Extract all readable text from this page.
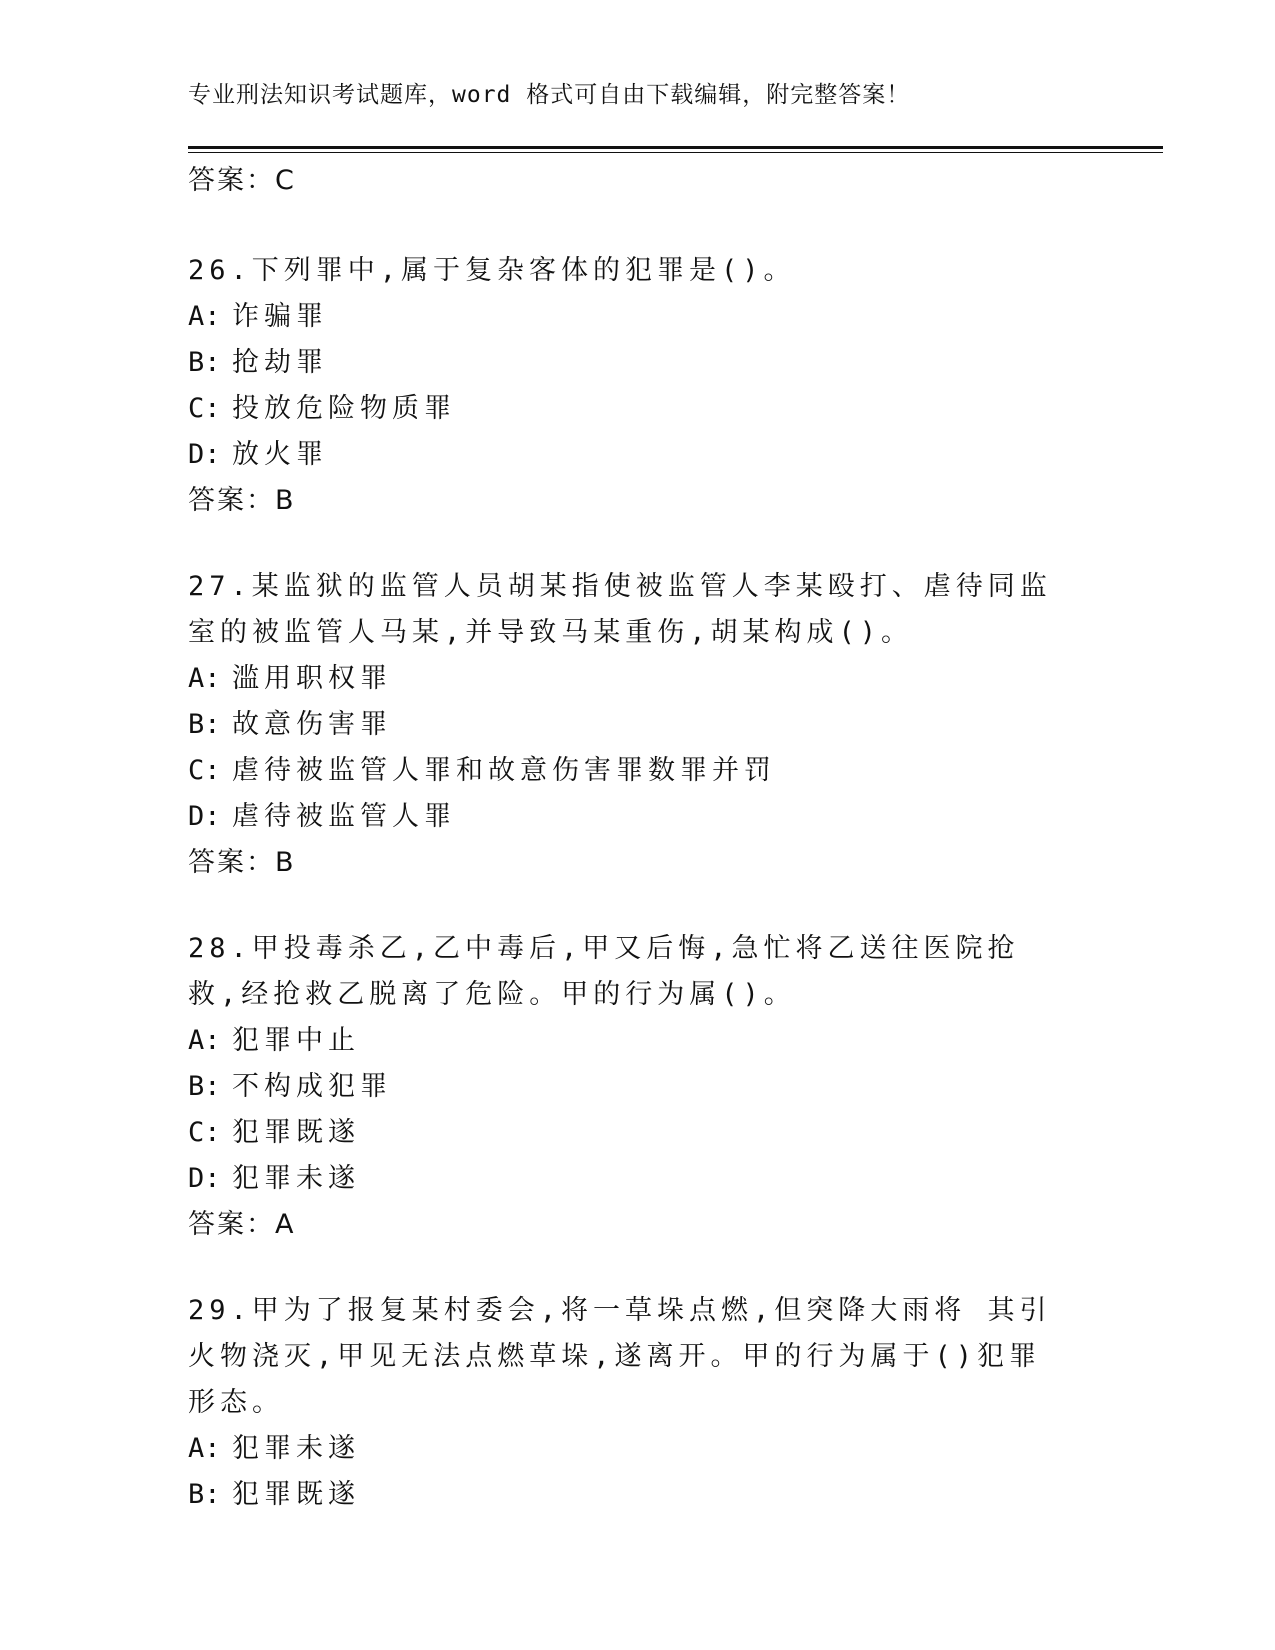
专业刑法知识考试题库，word 格式可自由下载编辑，附完整答案！
答案：C
26.下列罪中,属于复杂客体的犯罪是()。
A: 诈骗罪
B: 抢劫罪
C: 投放危险物质罪
D: 放火罪
答案：B
27.某监狱的监管人员胡某指使被监管人李某殴打、虐待同监室的被监管人马某,并导致马某重伤,胡某构成()。
A: 滥用职权罪
B: 故意伤害罪
C: 虐待被监管人罪和故意伤害罪数罪并罚
D: 虐待被监管人罪
答案：B
28.甲投毒杀乙,乙中毒后,甲又后悔,急忙将乙送往医院抢救,经抢救乙脱离了危险。甲的行为属()。
A: 犯罪中止
B: 不构成犯罪
C: 犯罪既遂
D: 犯罪未遂
答案：A
29.甲为了报复某村委会,将一草垛点燃,但突降大雨将 其引火物浇灭,甲见无法点燃草垛,遂离开。甲的行为属于()犯罪形态。
A: 犯罪未遂
B: 犯罪既遂
